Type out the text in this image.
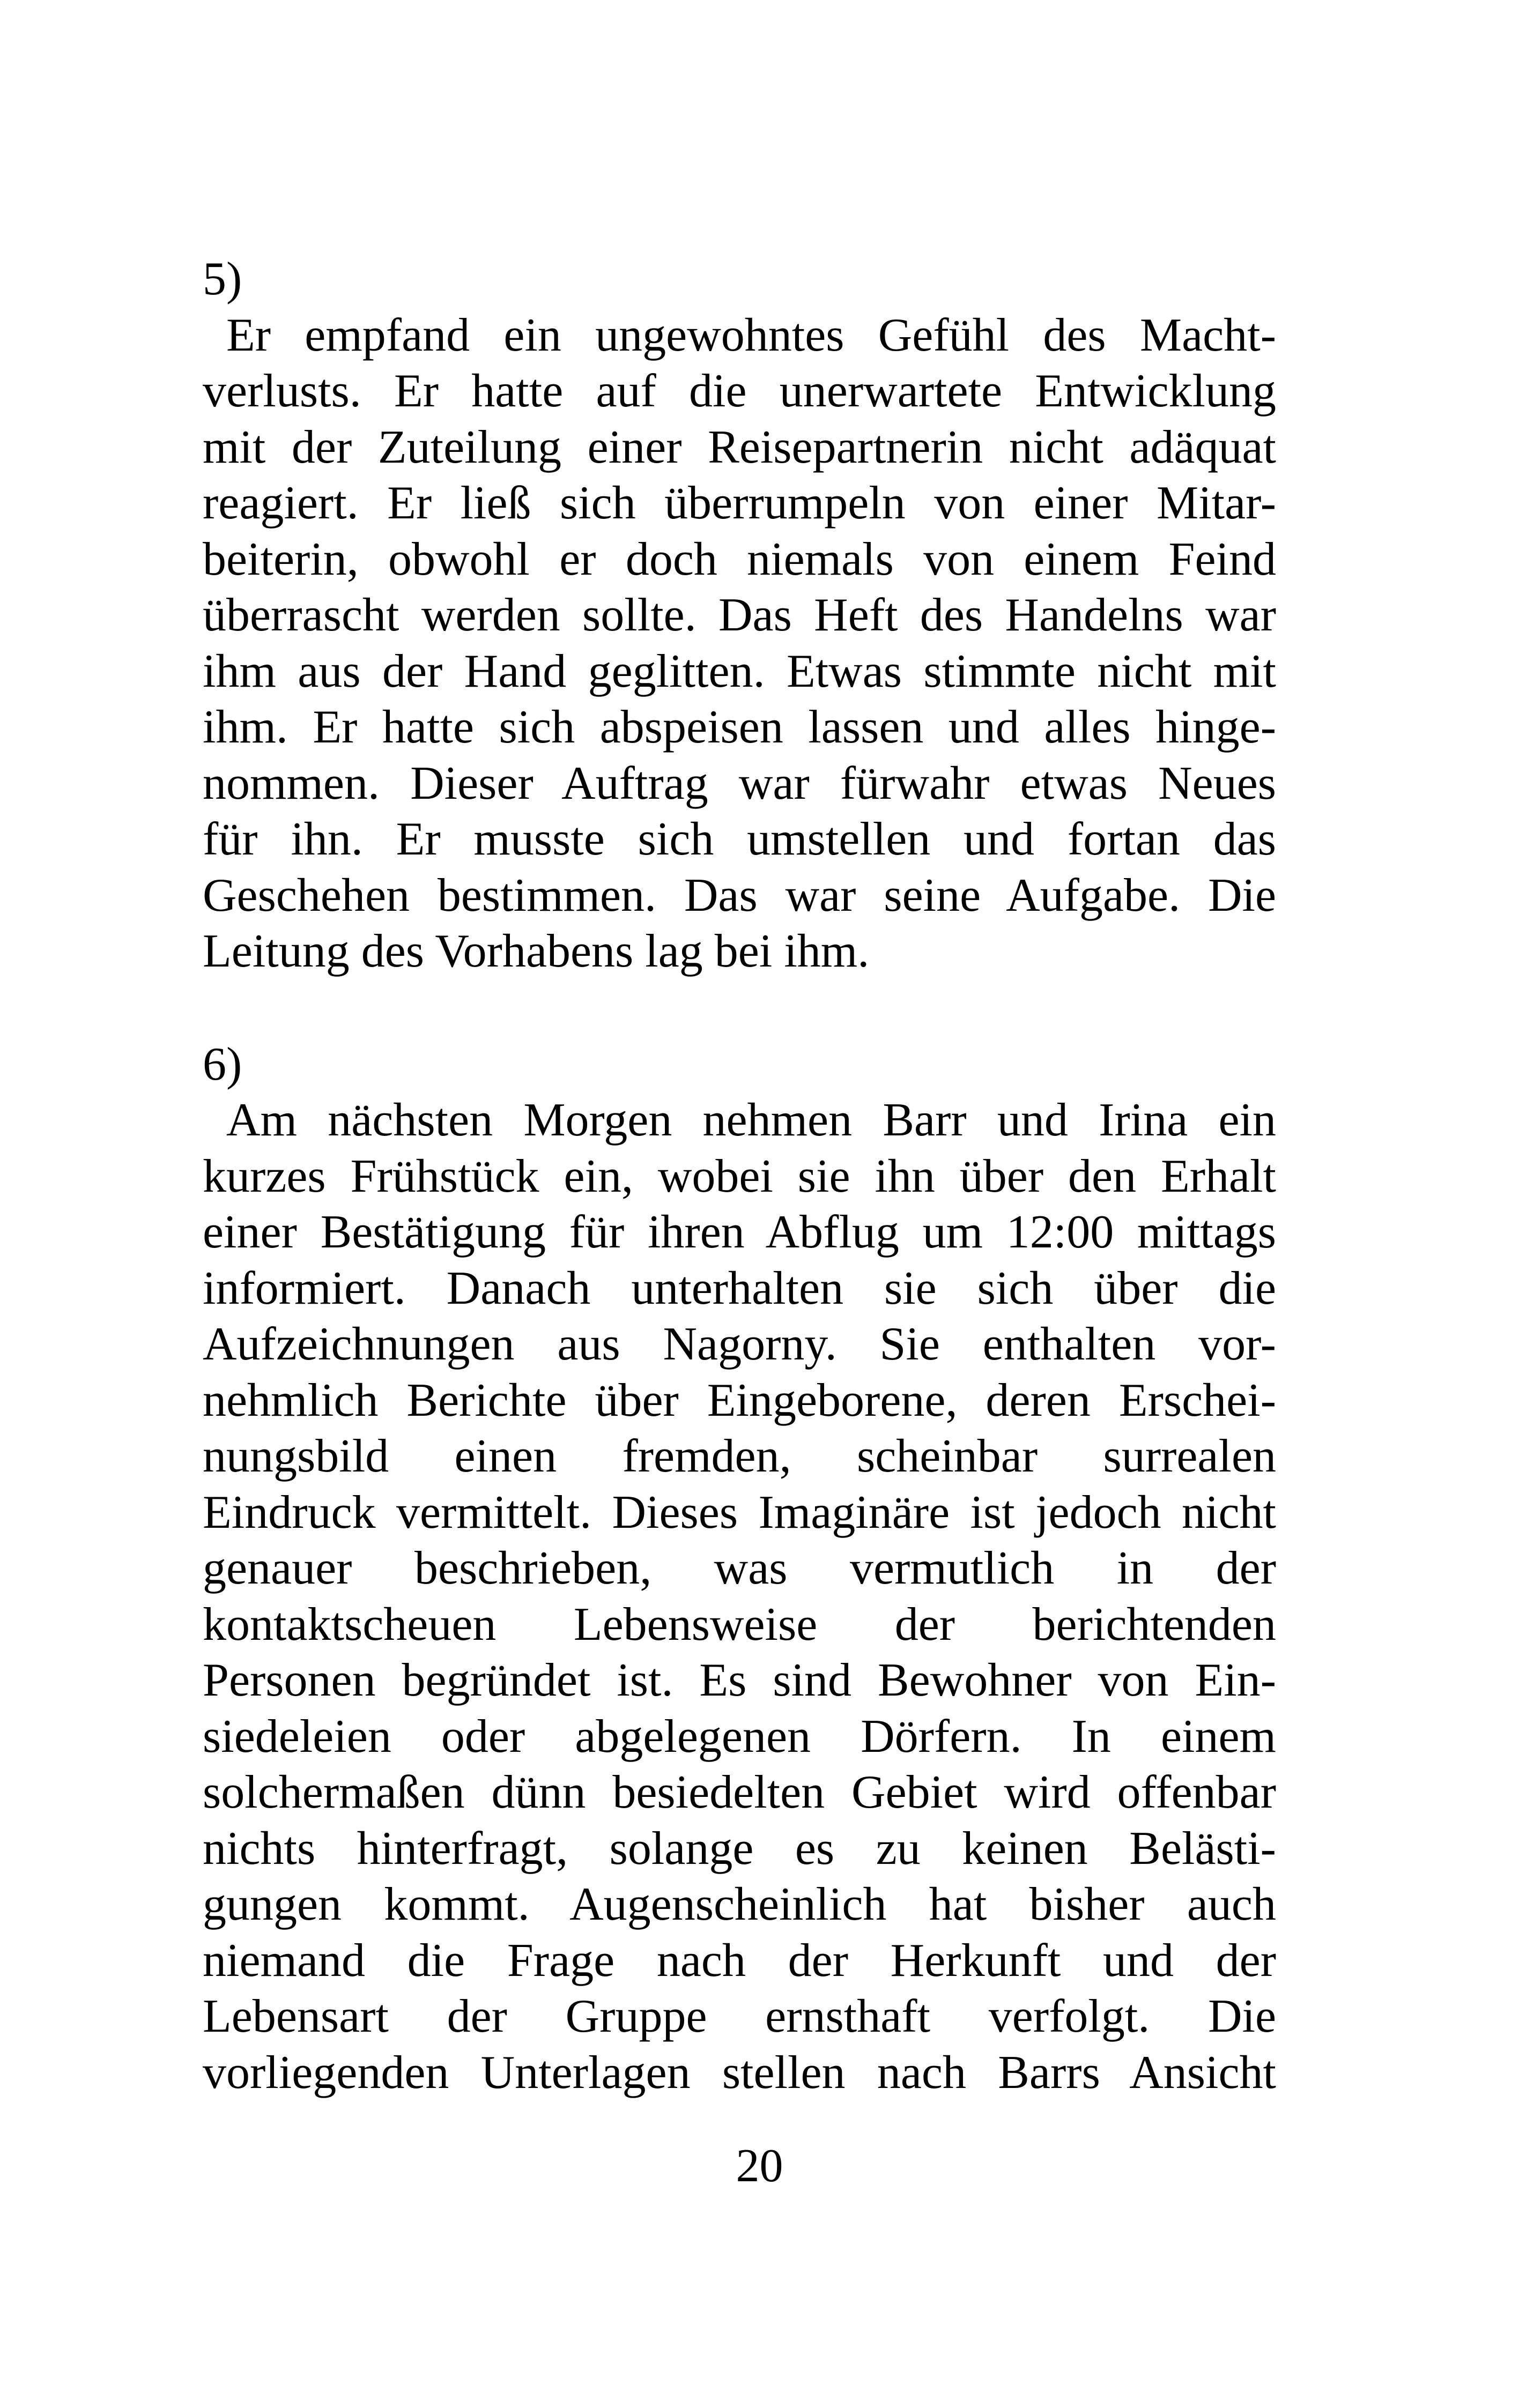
5)
Er empfand ein ungewohntes Gefühl des Macht-
verlusts. Er hatte auf die unerwartete Entwicklung
mit der Zuteilung einer Reisepartnerin nicht adäquat
reagiert. Er ließ sich überrumpeln von einer Mitar-
beiterin, obwohl er doch niemals von einem Feind
überrascht werden sollte. Das Heft des Handelns war
ihm aus der Hand geglitten. Etwas stimmte nicht mit
ihm. Er hatte sich abspeisen lassen und alles hinge-
nommen. Dieser Auftrag war fürwahr etwas Neues
für ihn. Er musste sich umstellen und fortan das
Geschehen bestimmen. Das war seine Aufgabe. Die
Leitung des Vorhabens lag bei ihm.
6)
Am nächsten Morgen nehmen Barr und Irina ein
kurzes Frühstück ein, wobei sie ihn über den Erhalt
einer Bestätigung für ihren Abflug um 12:00 mittags
informiert. Danach unterhalten sie sich über die
Aufzeichnungen aus Nagorny. Sie enthalten vor-
nehmlich Berichte über Eingeborene, deren Erschei-
nungsbild einen fremden, scheinbar surrealen
Eindruck vermittelt. Dieses Imaginäre ist jedoch nicht
genauer beschrieben, was vermutlich in der
kontaktscheuen Lebensweise der berichtenden
Personen begründet ist. Es sind Bewohner von Ein-
siedeleien oder abgelegenen Dörfern. In einem
solchermaßen dünn besiedelten Gebiet wird offenbar
nichts hinterfragt, solange es zu keinen Belästi-
gungen kommt. Augenscheinlich hat bisher auch
niemand die Frage nach der Herkunft und der
Lebensart der Gruppe ernsthaft verfolgt. Die
vorliegenden Unterlagen stellen nach Barrs Ansicht
20
